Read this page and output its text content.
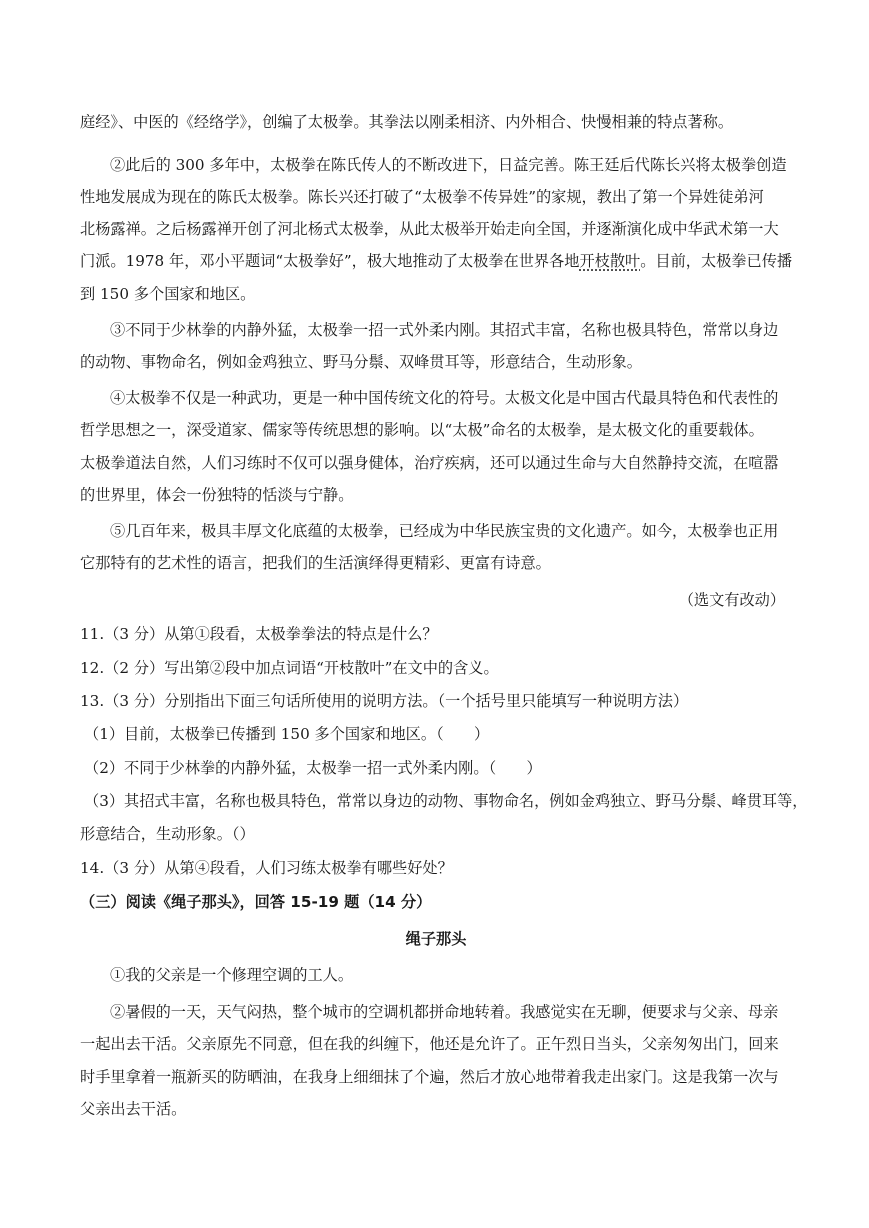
庭经》、中医的《经络学》，创编了太极拳。其拳法以刚柔相济、内外相合、快慢相兼的特点著称。
②此后的 300 多年中，太极拳在陈氏传人的不断改进下，日益完善。陈王廷后代陈长兴将太极拳创造
性地发展成为现在的陈氏太极拳。陈长兴还打破了“太极拳不传异姓”的家规，教出了第一个异姓徒弟河
北杨露禅。之后杨露禅开创了河北杨式太极拳，从此太极举开始走向全国，并逐渐演化成中华武术第一大
门派。1978 年，邓小平题词“太极拳好”，极大地推动了太极拳在世界各地开枝散叶。目前，太极拳已传播
到 150 多个国家和地区。
③不同于少林拳的内静外猛，太极拳一招一式外柔内刚。其招式丰富，名称也极具特色，常常以身边
的动物、事物命名，例如金鸡独立、野马分鬃、双峰贯耳等，形意结合，生动形象。
④太极拳不仅是一种武功，更是一种中国传统文化的符号。太极文化是中国古代最具特色和代表性的
哲学思想之一，深受道家、儒家等传统思想的影响。以“太极”命名的太极拳，是太极文化的重要载体。
太极拳道法自然，人们习练时不仅可以强身健体，治疗疾病，还可以通过生命与大自然静持交流，在喧嚣
的世界里，体会一份独特的恬淡与宁静。
⑤几百年来，极具丰厚文化底蕴的太极拳，已经成为中华民族宝贵的文化遗产。如今，太极拳也正用
它那特有的艺术性的语言，把我们的生活演绎得更精彩、更富有诗意。
（选文有改动）
11.（3 分）从第①段看，太极拳拳法的特点是什么？
12.（2 分）写出第②段中加点词语“开枝散叶”在文中的含义。
13.（3 分）分别指出下面三句话所使用的说明方法。（一个括号里只能填写一种说明方法）
（1）目前，太极拳已传播到 150 多个国家和地区。（　　）
（2）不同于少林拳的内静外猛，太极拳一招一式外柔内刚。（　　）
（3）其招式丰富，名称也极具特色，常常以身边的动物、事物命名，例如金鸡独立、野马分鬃、峰贯耳等，
形意结合，生动形象。（）
14.（3 分）从第④段看，人们习练太极拳有哪些好处？
（三）阅读《绳子那头》，回答 15-19 题（14 分）
绳子那头
①我的父亲是一个修理空调的工人。
②暑假的一天，天气闷热，整个城市的空调机都拼命地转着。我感觉实在无聊，便要求与父亲、母亲
一起出去干活。父亲原先不同意，但在我的纠缠下，他还是允许了。正午烈日当头，父亲匆匆出门，回来
时手里拿着一瓶新买的防晒油，在我身上细细抹了个遍，然后才放心地带着我走出家门。这是我第一次与
父亲出去干活。
